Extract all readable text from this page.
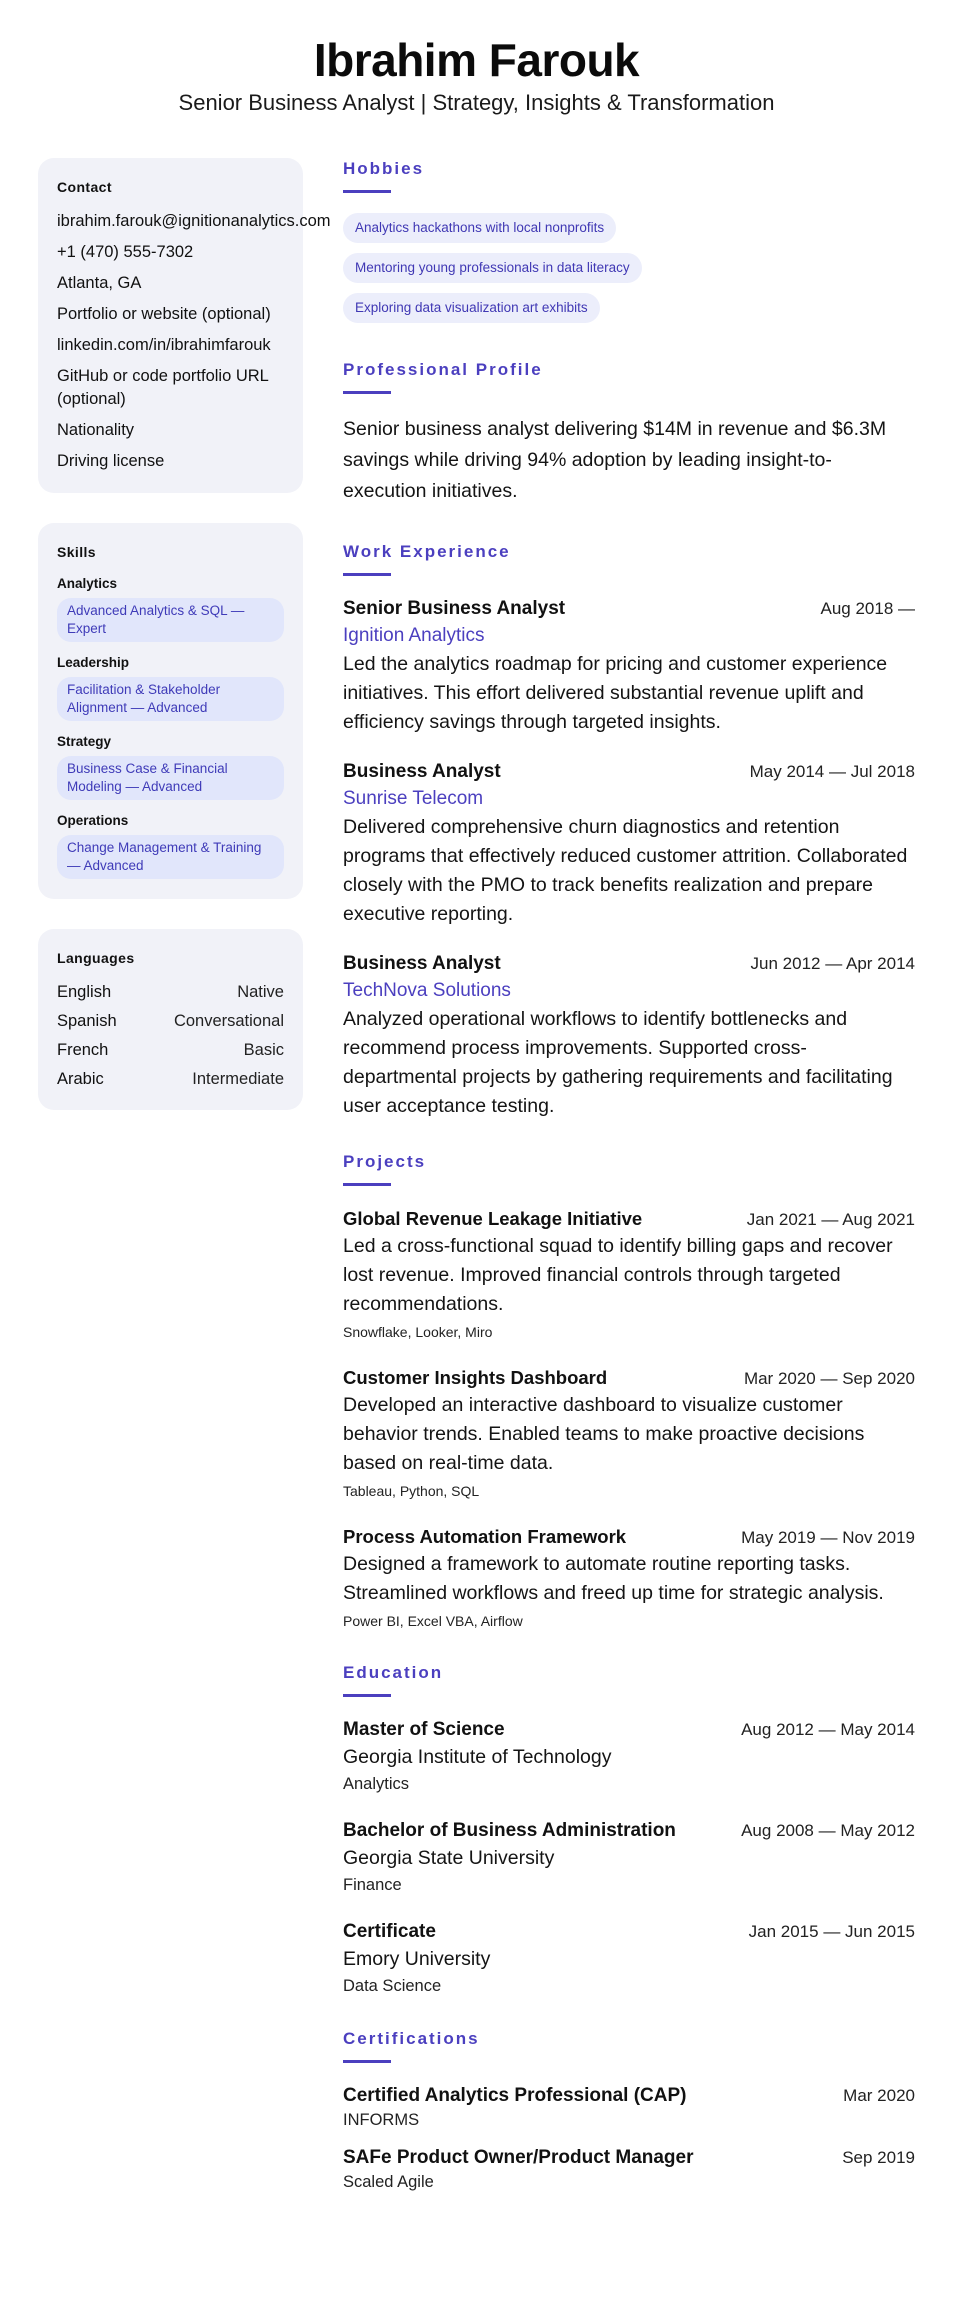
Ibrahim Farouk
Senior Business Analyst | Strategy, Insights & Transformation
Contact
ibrahim.farouk@ignitionanalytics.com
+1 (470) 555-7302
Atlanta, GA
Portfolio or website (optional)
linkedin.com/in/ibrahimfarouk
GitHub or code portfolio URL (optional)
Nationality
Driving license
Skills
Analytics
Advanced Analytics & SQL — Expert
Leadership
Facilitation & Stakeholder Alignment — Advanced
Strategy
Business Case & Financial Modeling — Advanced
Operations
Change Management & Training — Advanced
Languages
English	Native
Spanish	Conversational
French	Basic
Arabic	Intermediate
Hobbies
Analytics hackathons with local nonprofits
Mentoring young professionals in data literacy
Exploring data visualization art exhibits
Professional Profile
Senior business analyst delivering $14M in revenue and $6.3M savings while driving 94% adoption by leading insight-to-execution initiatives.
Work Experience
Senior Business Analyst	Aug 2018 —
Ignition Analytics
Led the analytics roadmap for pricing and customer experience initiatives. This effort delivered substantial revenue uplift and efficiency savings through targeted insights.
Business Analyst	May 2014 — Jul 2018
Sunrise Telecom
Delivered comprehensive churn diagnostics and retention programs that effectively reduced customer attrition. Collaborated closely with the PMO to track benefits realization and prepare executive reporting.
Business Analyst	Jun 2012 — Apr 2014
TechNova Solutions
Analyzed operational workflows to identify bottlenecks and recommend process improvements. Supported cross-departmental projects by gathering requirements and facilitating user acceptance testing.
Projects
Global Revenue Leakage Initiative	Jan 2021 — Aug 2021
Led a cross-functional squad to identify billing gaps and recover lost revenue. Improved financial controls through targeted recommendations.
Snowflake, Looker, Miro
Customer Insights Dashboard	Mar 2020 — Sep 2020
Developed an interactive dashboard to visualize customer behavior trends. Enabled teams to make proactive decisions based on real-time data.
Tableau, Python, SQL
Process Automation Framework	May 2019 — Nov 2019
Designed a framework to automate routine reporting tasks. Streamlined workflows and freed up time for strategic analysis.
Power BI, Excel VBA, Airflow
Education
Master of Science	Aug 2012 — May 2014
Georgia Institute of Technology
Analytics
Bachelor of Business Administration	Aug 2008 — May 2012
Georgia State University
Finance
Certificate	Jan 2015 — Jun 2015
Emory University
Data Science
Certifications
Certified Analytics Professional (CAP)	Mar 2020
INFORMS
SAFe Product Owner/Product Manager	Sep 2019
Scaled Agile
